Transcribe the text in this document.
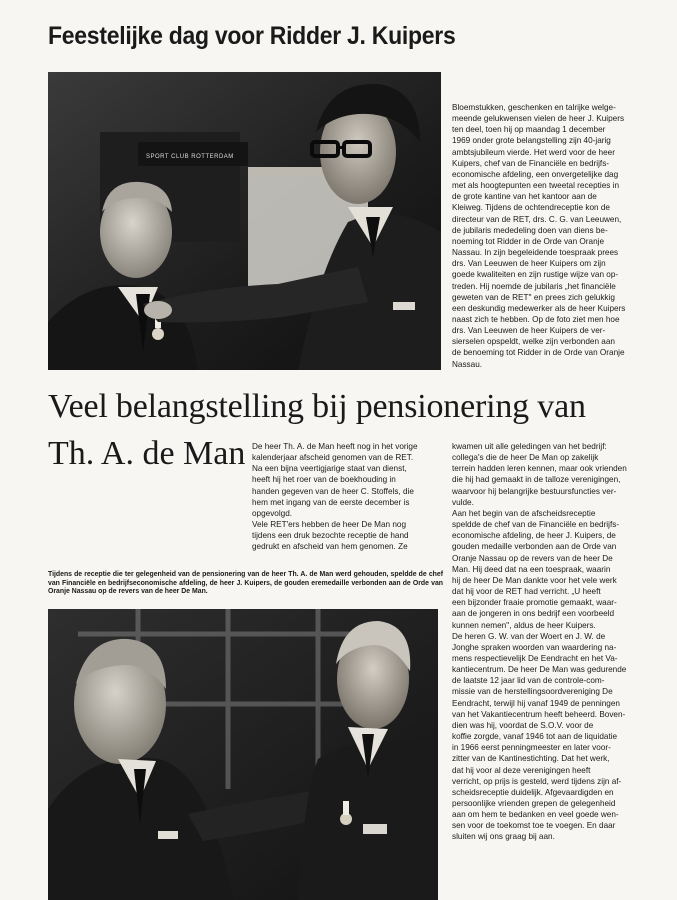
Feestelijke dag voor Ridder J. Kuipers
SPORT CLUB ROTTERDAM
Bloemstukken, geschenken en talrijke welge-
meende gelukwensen vielen de heer J. Kuipers
ten deel, toen hij op maandag 1 december
1969 onder grote belangstelling zijn 40-jarig
ambtsjubileum vierde. Het werd voor de heer
Kuipers, chef van de Financiële en bedrijfs-
economische afdeling, een onvergetelijke dag
met als hoogtepunten een tweetal recepties in
de grote kantine van het kantoor aan de
Kleiweg. Tijdens de ochtendreceptie kon de
directeur van de RET, drs. C. G. van Leeuwen,
de jubilaris mededeling doen van diens be-
noeming tot Ridder in de Orde van Oranje
Nassau. In zijn begeleidende toespraak prees
drs. Van Leeuwen de heer Kuipers om zijn
goede kwaliteiten en zijn rustige wijze van op-
treden. Hij noemde de jubilaris „het financiële
geweten van de RET'' en prees zich gelukkig
een deskundig medewerker als de heer Kuipers
naast zich te hebben. Op de foto ziet men hoe
drs. Van Leeuwen de heer Kuipers de ver-
sierselen opspeldt, welke zijn verbonden aan
de benoeming tot Ridder in de Orde van Oranje
Nassau.
Veel belangstelling bij pensionering van
Th. A. de Man De heer Th. A. de Man heeft nog in het vorige
kalenderjaar afscheid genomen van de RET.
Na een bijna veertigjarige staat van dienst,
heeft hij het roer van de boekhouding in
handen gegeven van de heer C. Stoffels, die
hem met ingang van de eerste december is
opgevolgd.
Vele RET'ers hebben de heer De Man nog
tijdens een druk bezochte receptie de hand
gedrukt en afscheid van hem genomen. Ze
kwamen uit alle geledingen van het bedrijf:
collega's die de heer De Man op zakelijk
terrein hadden leren kennen, maar ook vrienden
die hij had gemaakt in de talloze verenigingen,
waarvoor hij belangrijke bestuursfuncties ver-
vulde.
Aan het begin van de afscheidsreceptie
speldde de chef van de Financiële en bedrijfs-
economische afdeling, de heer J. Kuipers, de
gouden medaille verbonden aan de Orde van
Oranje Nassau op de revers van de heer De
Man. Hij deed dat na een toespraak, waarin
hij de heer De Man dankte voor het vele werk
dat hij voor de RET had verricht. „U heeft
een bijzonder fraaie promotie gemaakt, waar-
aan de jongeren in ons bedrijf een voorbeeld
kunnen nemen'', aldus de heer Kuipers.
De heren G. W. van der Woert en J. W. de
Jonghe spraken woorden van waardering na-
mens respectievelijk De Eendracht en het Va-
kantiecentrum. De heer De Man was gedurende
de laatste 12 jaar lid van de controle-com-
missie van de herstellingsoordvereniging De
Eendracht, terwijl hij vanaf 1949 de penningen
van het Vakantiecentrum heeft beheerd. Boven-
dien was hij, voordat de S.O.V. voor de
koffie zorgde, vanaf 1946 tot aan de liquidatie
in 1966 eerst penningmeester en later voor-
zitter van de Kantinestichting. Dat het werk,
dat hij voor al deze verenigingen heeft
verricht, op prijs is gesteld, werd tijdens zijn af-
scheidsreceptie duidelijk. Afgevaardigden en
persoonlijke vrienden grepen de gelegenheid
aan om hem te bedanken en veel goede wen-
sen voor de toekomst toe te voegen. En daar
sluiten wij ons graag bij aan.
Tijdens de receptie die ter gelegenheid van de pensionering van de heer Th. A. de Man werd gehouden, speldde de chef van Financiële en bedrijfseconomische afdeling, de heer J. Kuipers, de gouden eremedaille verbonden aan de Orde van Oranje Nassau op de revers van de heer De Man.
